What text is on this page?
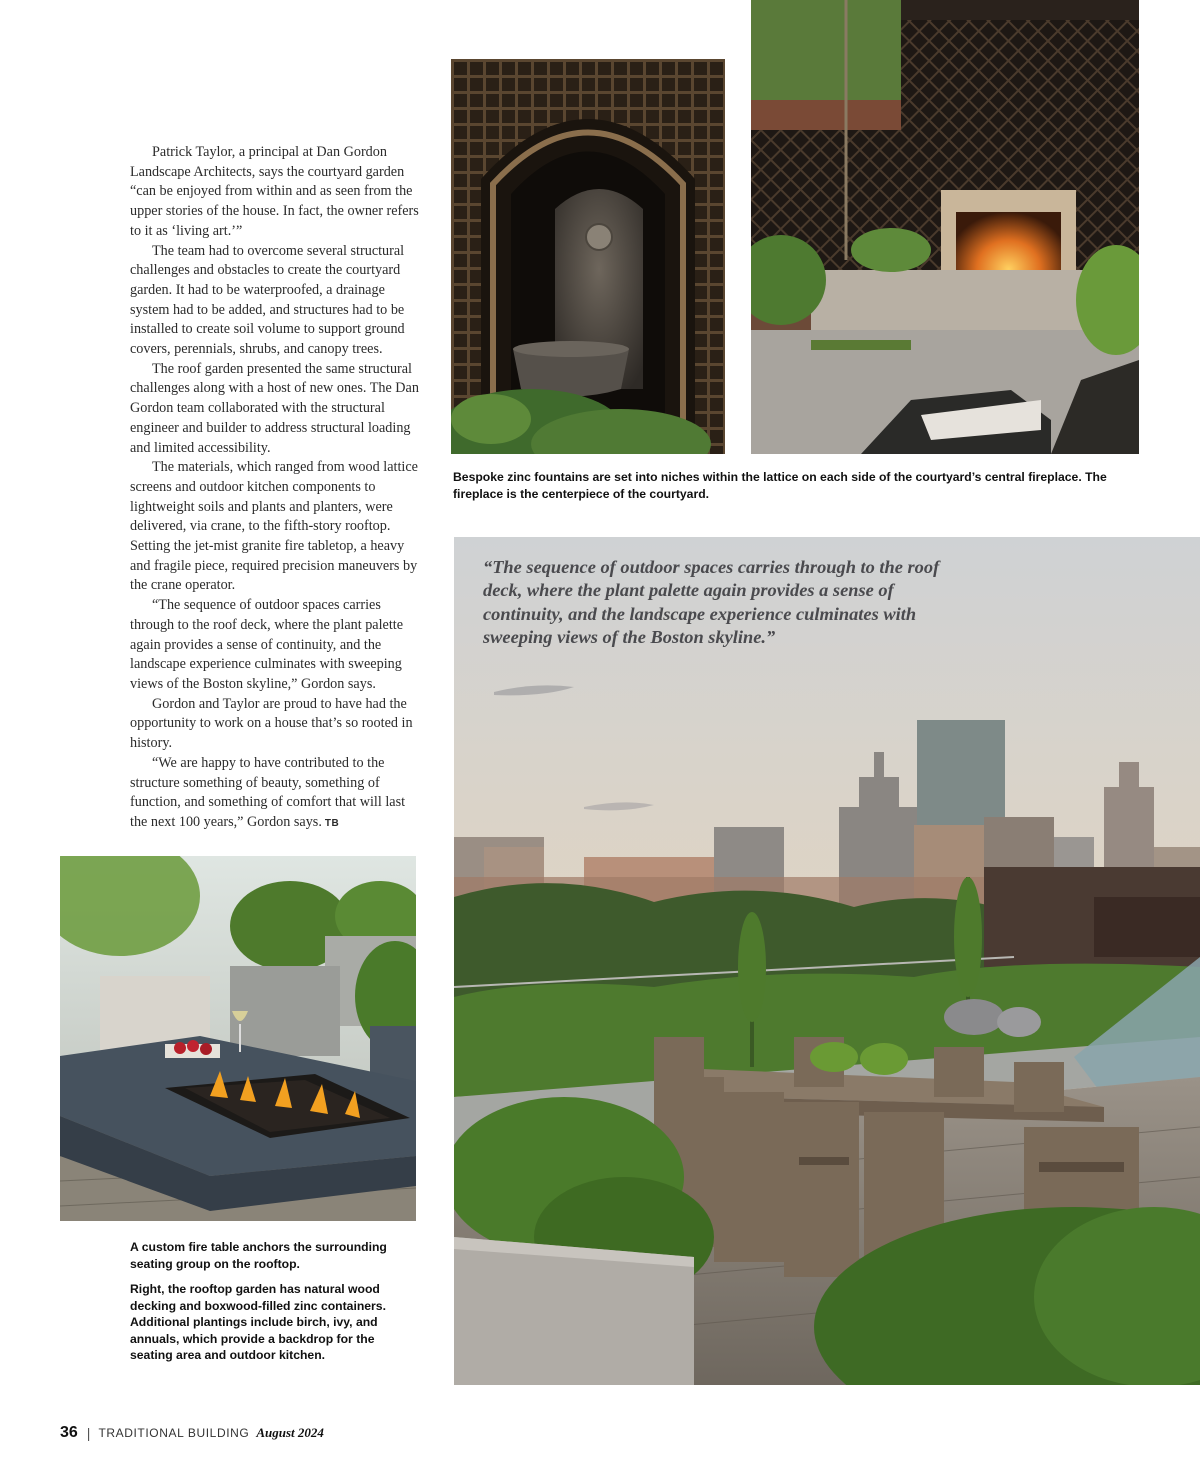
Patrick Taylor, a principal at Dan Gordon Landscape Architects, says the courtyard garden “can be enjoyed from within and as seen from the upper stories of the house. In fact, the owner refers to it as ‘living art.’”

The team had to overcome several structural challenges and obstacles to create the courtyard garden. It had to be waterproofed, a drainage system had to be added, and structures had to be installed to create soil volume to support ground covers, perennials, shrubs, and canopy trees.

The roof garden presented the same structural challenges along with a host of new ones. The Dan Gordon team collaborated with the structural engineer and builder to address structural loading and limited accessibility.

The materials, which ranged from wood lattice screens and outdoor kitchen components to lightweight soils and plants and planters, were delivered, via crane, to the fifth-story rooftop. Setting the jet-mist granite fire tabletop, a heavy and fragile piece, required precision maneuvers by the crane operator.

“The sequence of outdoor spaces carries through to the roof deck, where the plant palette again provides a sense of continuity, and the landscape experience culminates with sweeping views of the Boston skyline,” Gordon says.

Gordon and Taylor are proud to have had the opportunity to work on a house that’s so rooted in history.

“We are happy to have contributed to the structure something of beauty, something of function, and something of comfort that will last the next 100 years,” Gordon says. TB

Bespoke zinc fountains are set into niches within the lattice on each side of the courtyard’s central fireplace. The fireplace is the centerpiece of the courtyard.

A custom fire table anchors the surrounding seating group on the rooftop.

Right, the rooftop garden has natural wood decking and boxwood-filled zinc containers. Additional plantings include birch, ivy, and annuals, which provide a backdrop for the seating area and outdoor kitchen.

“The sequence of outdoor spaces carries through to the roof deck, where the plant palette again provides a sense of continuity, and the landscape experience culminates with sweeping views of the Boston skyline.”
36 | TRADITIONAL BUILDING August 2024
